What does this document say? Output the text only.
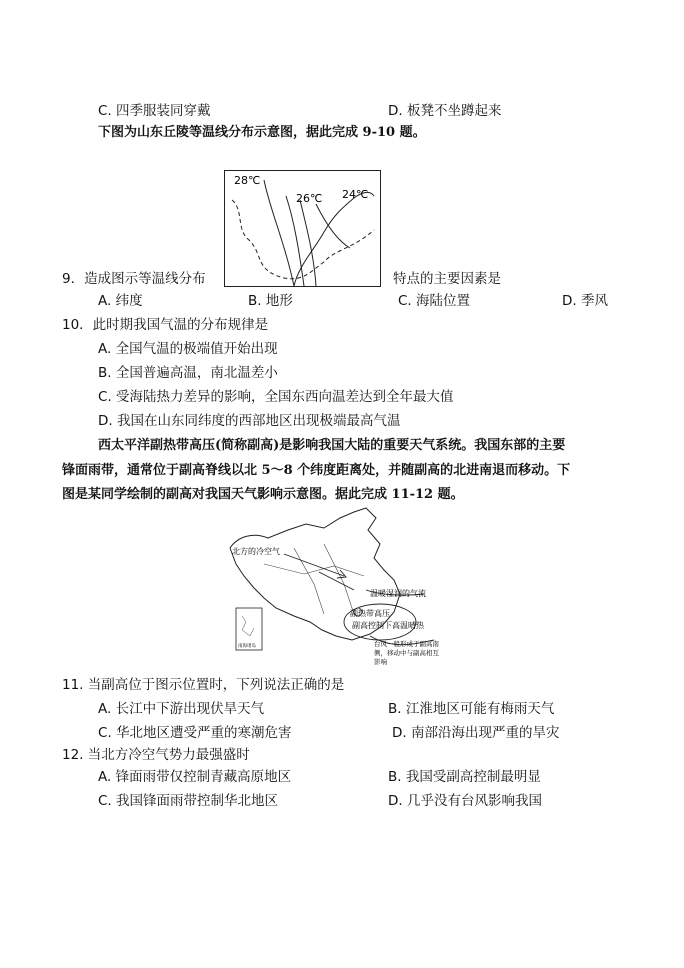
C. 四季服装同穿戴	D. 板凳不坐蹲起来
下图为山东丘陵等温线分布示意图，据此完成 9-10 题。
28℃
26℃ 24℃
9．造成图示等温线分布	特点的主要因素是
A. 纬度	B. 地形	C. 海陆位置	D. 季风
10．此时期我国气温的分布规律是
A. 全国气温的极端值开始出现
B. 全国普遍高温，南北温差小
C. 受海陆热力差异的影响，全国东西向温差达到全年最大值
D. 我国在山东同纬度的西部地区出现极端最高气温
西太平洋副热带高压(简称副高)是影响我国大陆的重要天气系统。我国东部的主要
锋面雨带，通常位于副高脊线以北 5～8 个纬度距离处，并随副高的北进南退而移动。下
图是某同学绘制的副高对我国天气影响示意图。据此完成 11-12 题。
南海诸岛
北方的冷空气
温暖湿润的气流
副热带高压
副高控制下高温晴热
台风一般形成于副高南
侧，移动中与副高相互
影响
11. 当副高位于图示位置时，下列说法正确的是
A. 长江中下游出现伏旱天气	B. 江淮地区可能有梅雨天气
C. 华北地区遭受严重的寒潮危害	D. 南部沿海出现严重的旱灾
12. 当北方冷空气势力最强盛时
A. 锋面雨带仅控制青藏高原地区	B. 我国受副高控制最明显
C. 我国锋面雨带控制华北地区	D. 几乎没有台风影响我国
